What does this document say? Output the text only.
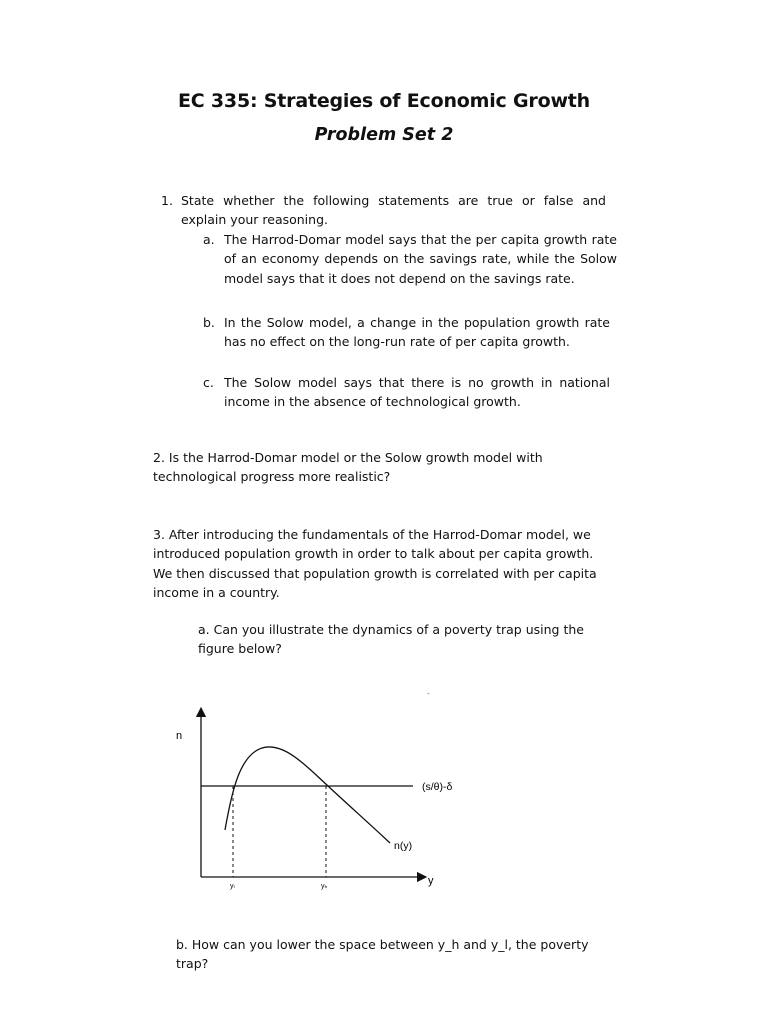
EC 335: Strategies of Economic Growth
Problem Set 2
1. State whether the following statements are true or false and explain your reasoning.
a. The Harrod-Domar model says that the per capita growth rate of an economy depends on the savings rate, while the Solow model says that it does not depend on the savings rate.
b. In the Solow model, a change in the population growth rate has no effect on the long-run rate of per capita growth.
c. The Solow model says that there is no growth in national income in the absence of technological growth.
2. Is the Harrod-Domar model or the Solow growth model with technological progress more realistic?
3. After introducing the fundamentals of the Harrod-Domar model, we introduced population growth in order to talk about per capita growth. We then discussed that population growth is correlated with per capita income in a country.
a. Can you illustrate the dynamics of a poverty trap using the figure below?
n
y
(s/θ)-δ
n(y)
yₗ	yₕ
-
b. How can you lower the space between y_h and y_l, the poverty trap?
